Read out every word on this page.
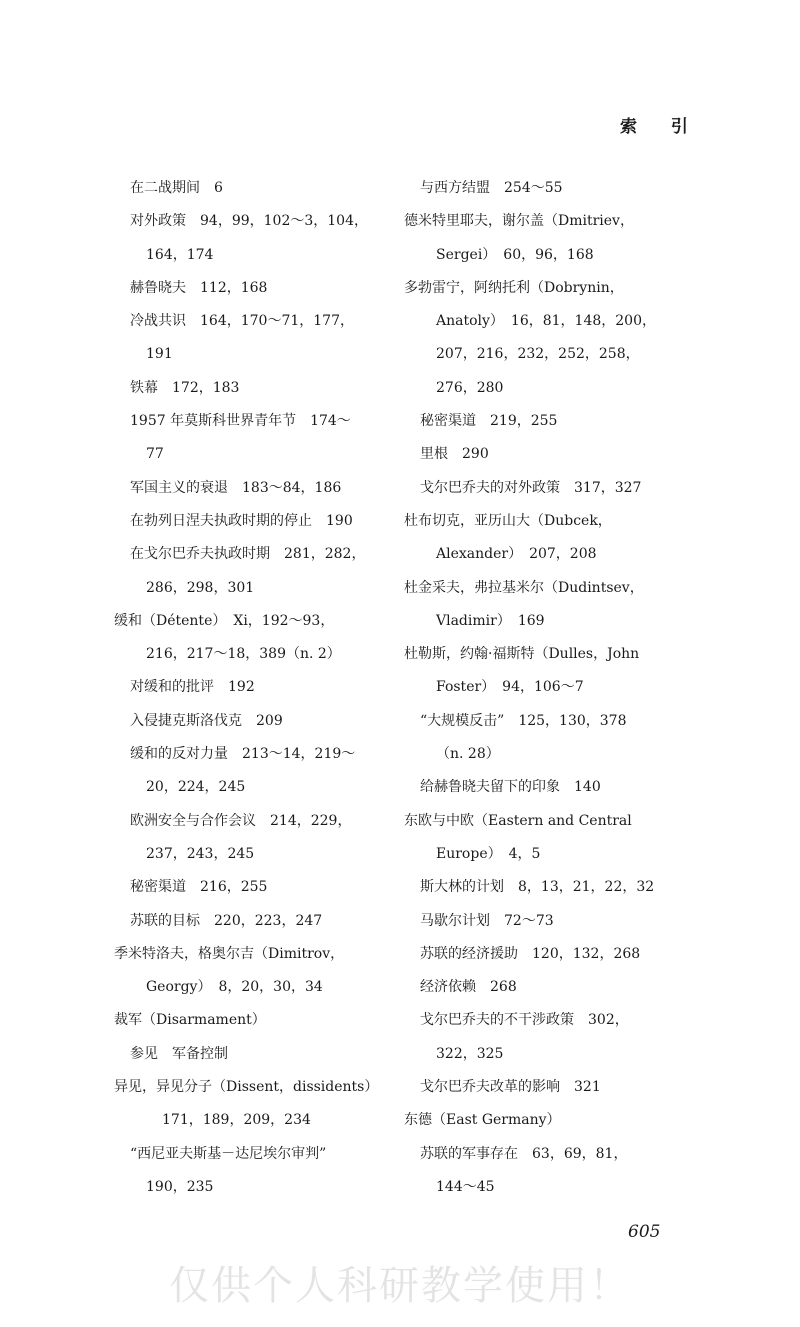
索 引
在二战期间　6
对外政策　94，99，102～3，104，
164，174
赫鲁晓夫　112，168
冷战共识　164，170～71，177，
191
铁幕　172，183
1957 年莫斯科世界青年节　174～
77
军国主义的衰退　183～84，186
在勃列日涅夫执政时期的停止　190
在戈尔巴乔夫执政时期　281，282，
286，298，301
缓和（Détente）　Xi，192～93，
216，217～18，389（n. 2）
对缓和的批评　192
入侵捷克斯洛伐克　209
缓和的反对力量　213～14，219～
20，224，245
欧洲安全与合作会议　214，229，
237，243，245
秘密渠道　216，255
苏联的目标　220，223，247
季米特洛夫，格奥尔吉（Dimitrov，
Georgy）　8，20，30，34
裁军（Disarmament）
参见　军备控制
异见，异见分子（Dissent，dissidents）
171，189，209，234
“西尼亚夫斯基－达尼埃尔审判”
190，235
与西方结盟　254～55
德米特里耶夫，谢尔盖（Dmitriev，
Sergei）　60，96，168
多勃雷宁，阿纳托利（Dobrynin，
Anatoly）　16，81，148，200，
207，216，232，252，258，
276，280
秘密渠道　219，255
里根　290
戈尔巴乔夫的对外政策　317，327
杜布切克，亚历山大（Dubcek，
Alexander）　207，208
杜金采夫，弗拉基米尔（Dudintsev，
Vladimir）　169
杜勒斯，约翰·福斯特（Dulles，John
Foster）　94，106～7
“大规模反击”　125，130，378
（n. 28）
给赫鲁晓夫留下的印象　140
东欧与中欧（Eastern and Central
Europe）　4，5
斯大林的计划　8，13，21，22，32
马歇尔计划　72～73
苏联的经济援助　120，132，268
经济依赖　268
戈尔巴乔夫的不干涉政策　302，
322，325
戈尔巴乔夫改革的影响　321
东德（East Germany）
苏联的军事存在　63，69，81，
144～45
605
仅供个人科研教学使用！
